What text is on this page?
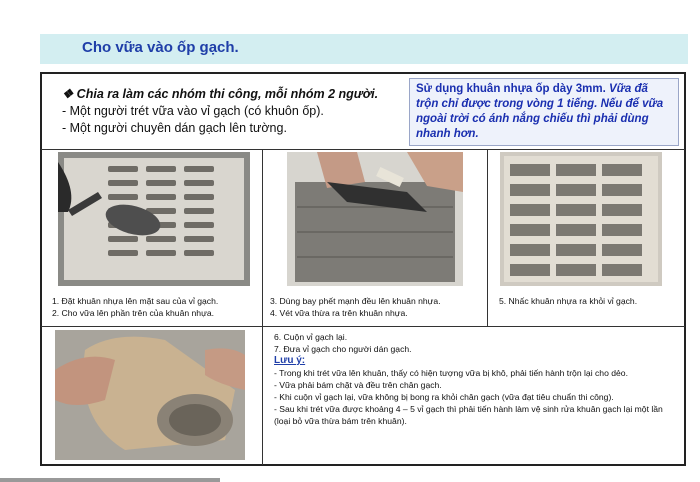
Cho vữa vào ốp gạch.
❖ Chia ra làm các nhóm thi công, mỗi nhóm 2 người.
- Một người trét vữa vào vỉ gạch (có khuôn ốp).
- Một người chuyên dán gạch lên tường.
Sử dụng khuân nhựa ốp dày 3mm. Vữa đã trộn chỉ được trong vòng 1 tiếng. Nếu để vữa ngoài trời có ánh nắng chiếu thì phải dùng nhanh hơn.
1. Đặt khuân nhựa lên mặt sau của vỉ gạch.
2. Cho vữa lên phần trên của khuân nhựa.
3. Dùng bay phết mạnh đều lên khuân nhựa.
4. Vét vữa thừa ra trên khuân nhựa.
5. Nhấc khuân nhựa ra khỏi vỉ gạch.
6. Cuộn vỉ gạch lại.
7. Đưa vỉ gạch cho người dán gạch.
Lưu ý:
- Trong khi trét vữa lên khuân, thấy có hiện tượng vữa bị khô, phải tiến hành trộn lại cho dẻo.
- Vữa phải bám chặt và đều trên chân gạch.
- Khi cuộn vỉ gạch lại, vữa không bị bong ra khỏi chân gạch (vữa đạt tiêu chuẩn thi công).
- Sau khi trét vữa được khoảng 4 – 5 vỉ gạch thì phải tiến hành làm vệ sinh rửa khuân gạch lại một lần (loại bỏ vữa thừa bám trên khuân).
